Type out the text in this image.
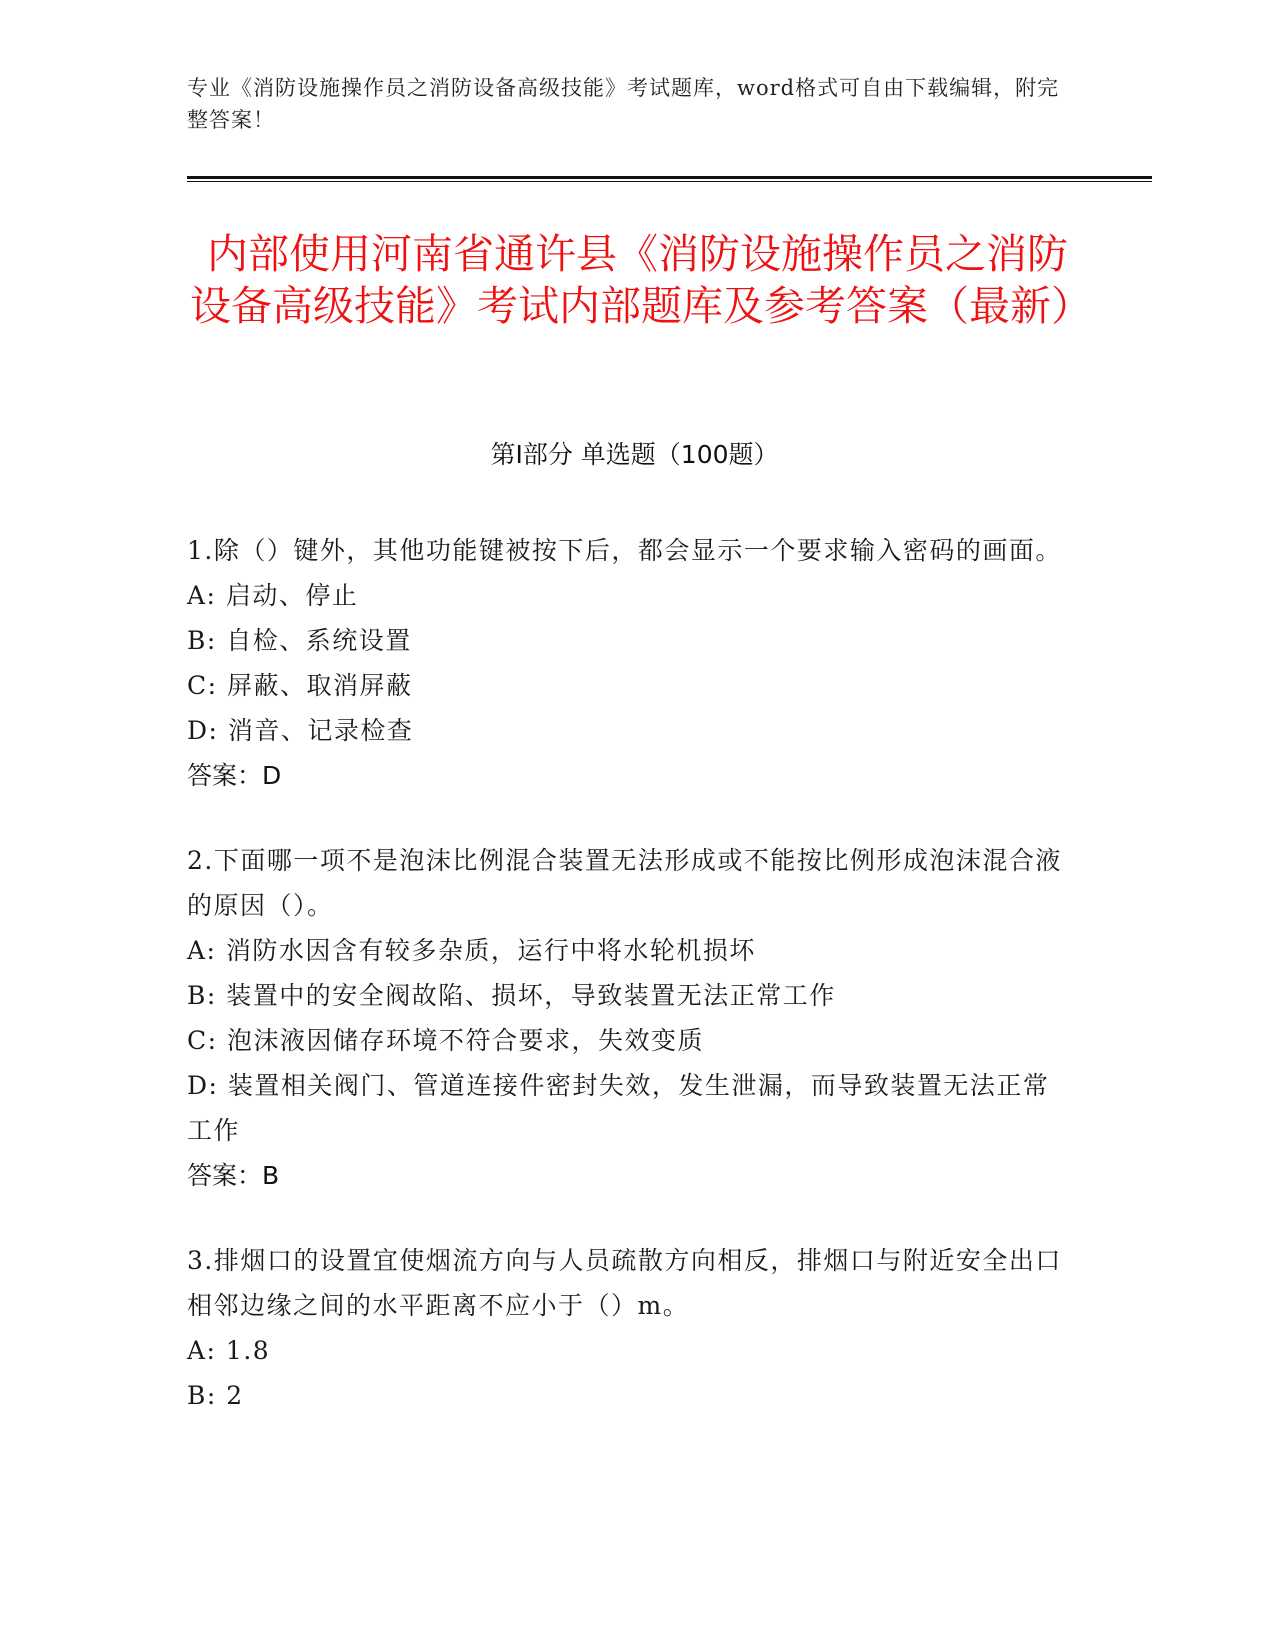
专业《消防设施操作员之消防设备高级技能》考试题库，word格式可自由下载编辑，附完整答案！
内部使用河南省通许县《消防设施操作员之消防设备高级技能》考试内部题库及参考答案（最新）
第I部分 单选题（100题）
1.除（）键外，其他功能键被按下后，都会显示一个要求输入密码的画面。
A: 启动、停止
B: 自检、系统设置
C: 屏蔽、取消屏蔽
D: 消音、记录检查
答案：D
2.下面哪一项不是泡沫比例混合装置无法形成或不能按比例形成泡沫混合液的原因（）。
A: 消防水因含有较多杂质，运行中将水轮机损坏
B: 装置中的安全阀故陷、损坏，导致装置无法正常工作
C: 泡沫液因储存环境不符合要求，失效变质
D: 装置相关阀门、管道连接件密封失效，发生泄漏，而导致装置无法正常工作
答案：B
3.排烟口的设置宜使烟流方向与人员疏散方向相反，排烟口与附近安全出口相邻边缘之间的水平距离不应小于（）m。
A: 1.8
B: 2
